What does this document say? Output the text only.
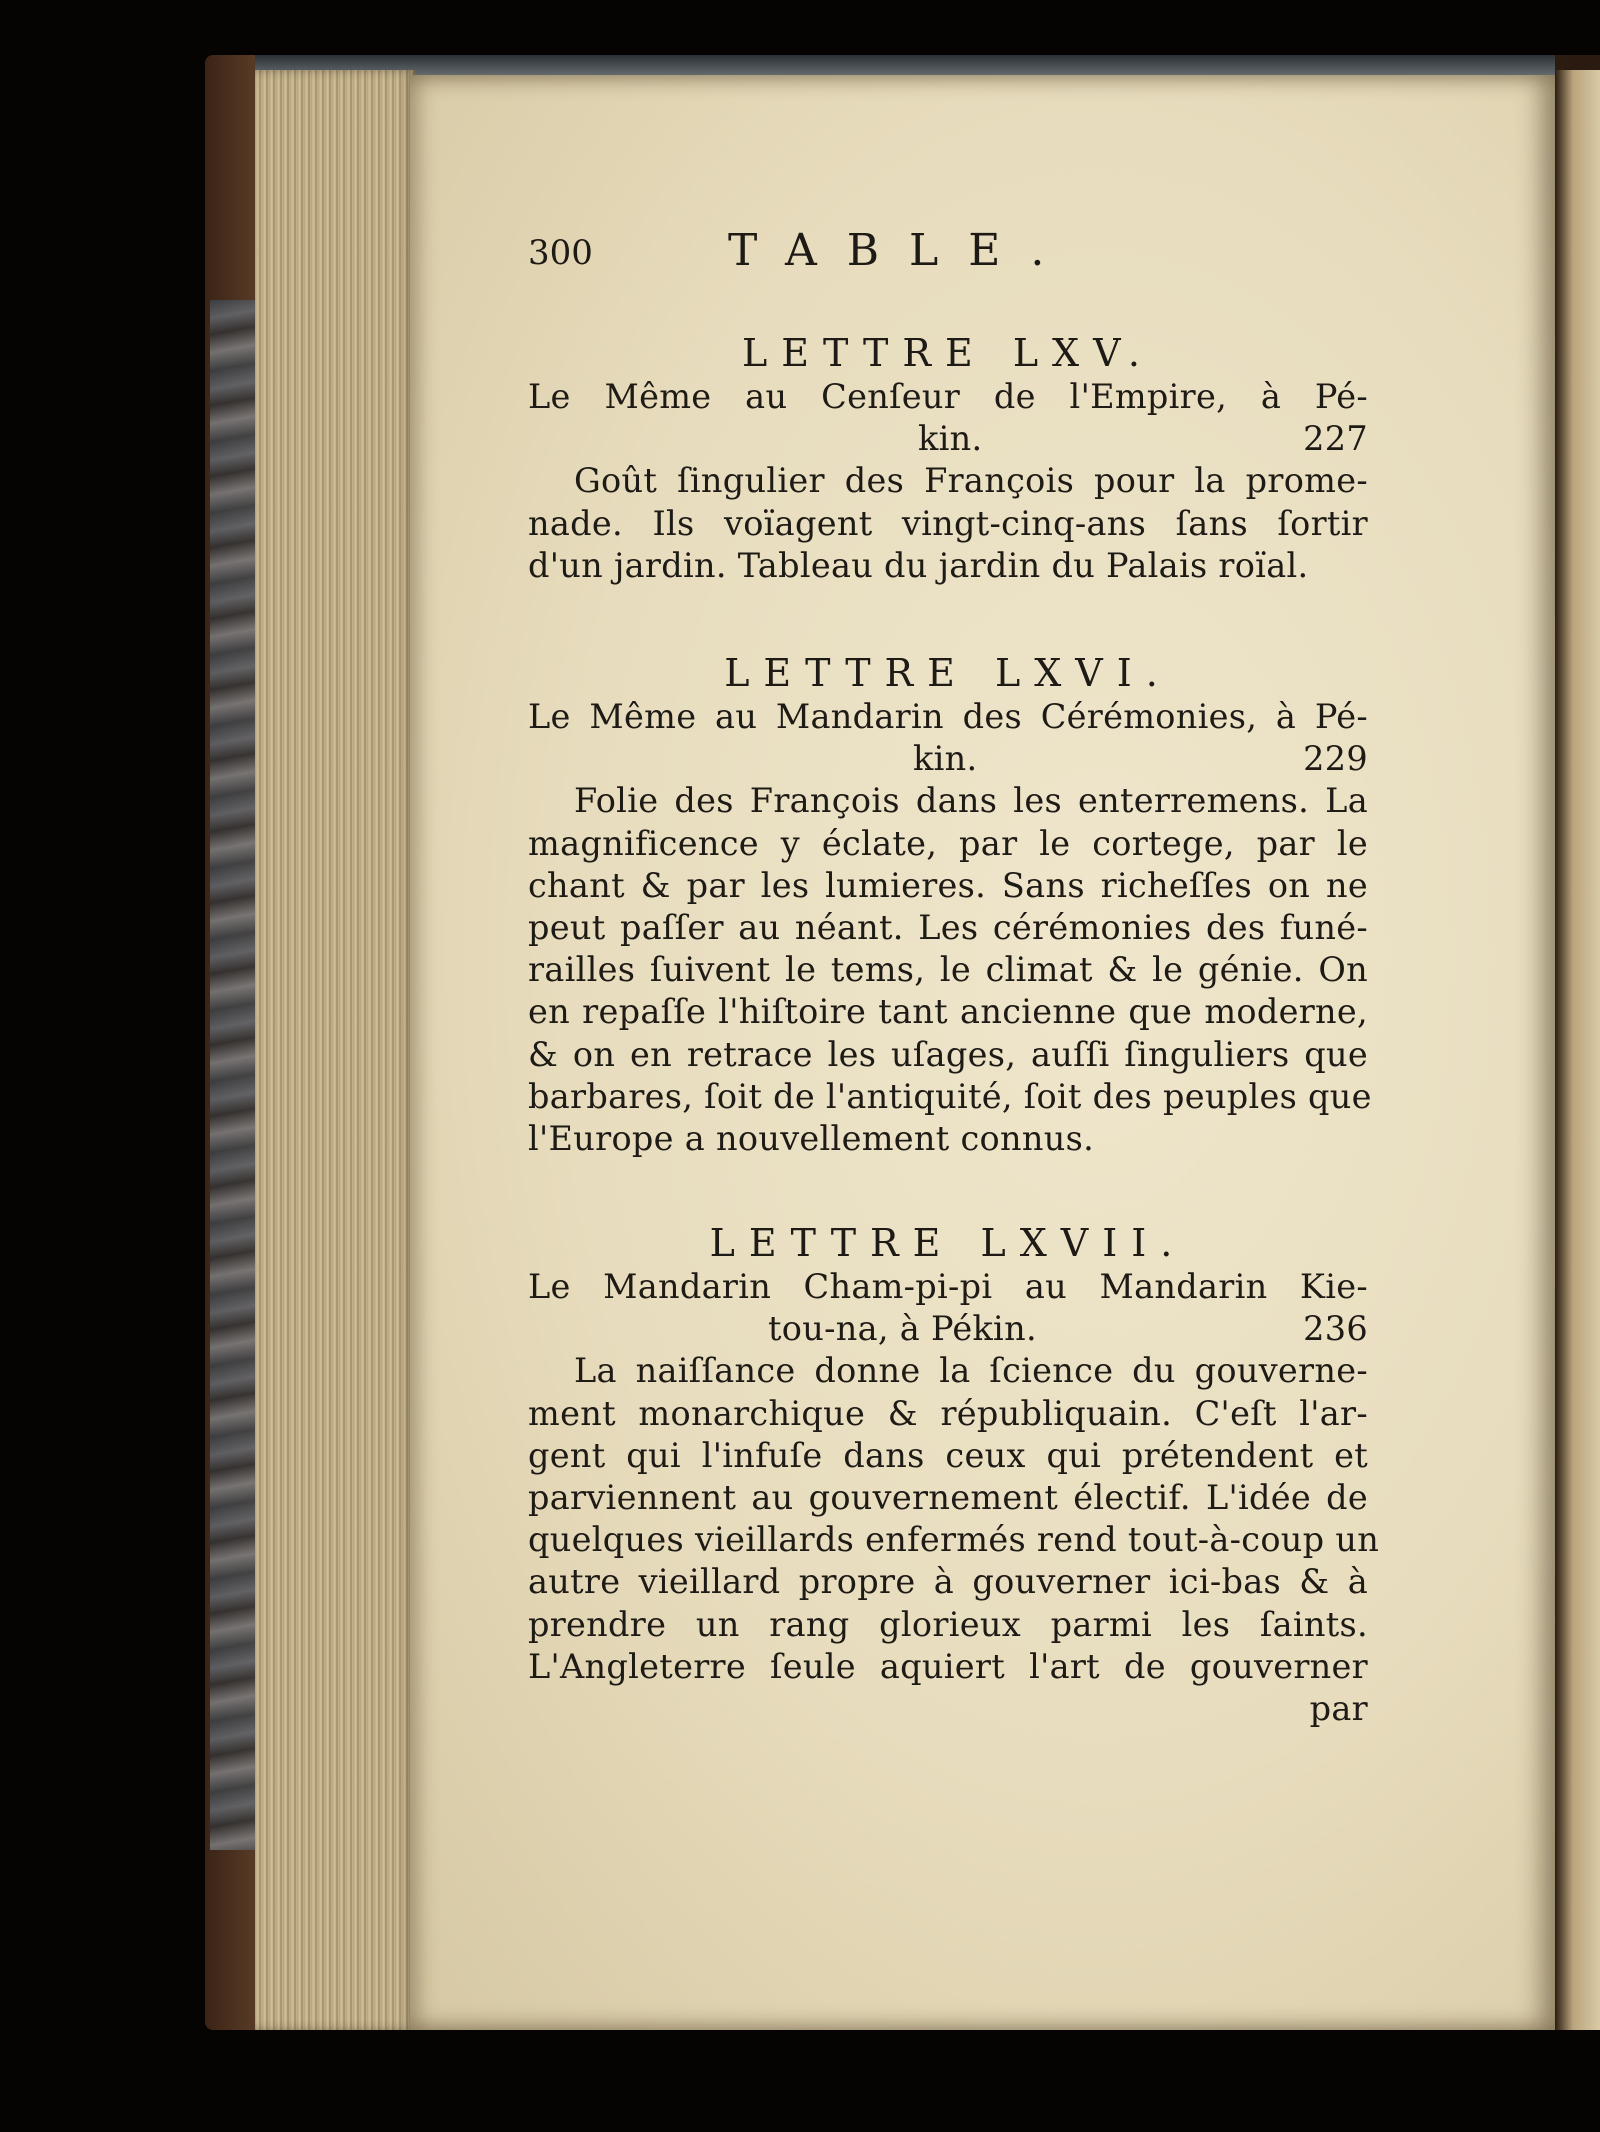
300	TABLE.
LETTRE LXV.
Le Même au Cenſeur de l'Empire, à Pé-
kin.	227
Goût ſingulier des François pour la prome-
nade. Ils voïagent vingt-cinq-ans ſans ſortir
d'un jardin. Tableau du jardin du Palais roïal.
LETTRE LXVI.
Le Même au Mandarin des Cérémonies, à Pé-
kin.	229
Folie des François dans les enterremens. La
magnificence y éclate, par le cortege, par le
chant & par les lumieres. Sans richeſſes on ne
peut paſſer au néant. Les cérémonies des funé-
railles ſuivent le tems, le climat & le génie. On
en repaſſe l'hiſtoire tant ancienne que moderne,
& on en retrace les uſages, auſſi ſinguliers que
barbares, ſoit de l'antiquité, ſoit des peuples que
l'Europe a nouvellement connus.
LETTRE LXVII.
Le Mandarin Cham-pi-pi au Mandarin Kie-
tou-na, à Pékin.	236
La naiſſance donne la ſcience du gouverne-
ment monarchique & républiquain. C'eſt l'ar-
gent qui l'infuſe dans ceux qui prétendent et
parviennent au gouvernement électif. L'idée de
quelques vieillards enfermés rend tout-à-coup un
autre vieillard propre à gouverner ici-bas & à
prendre un rang glorieux parmi les ſaints.
L'Angleterre ſeule aquiert l'art de gouverner
par
